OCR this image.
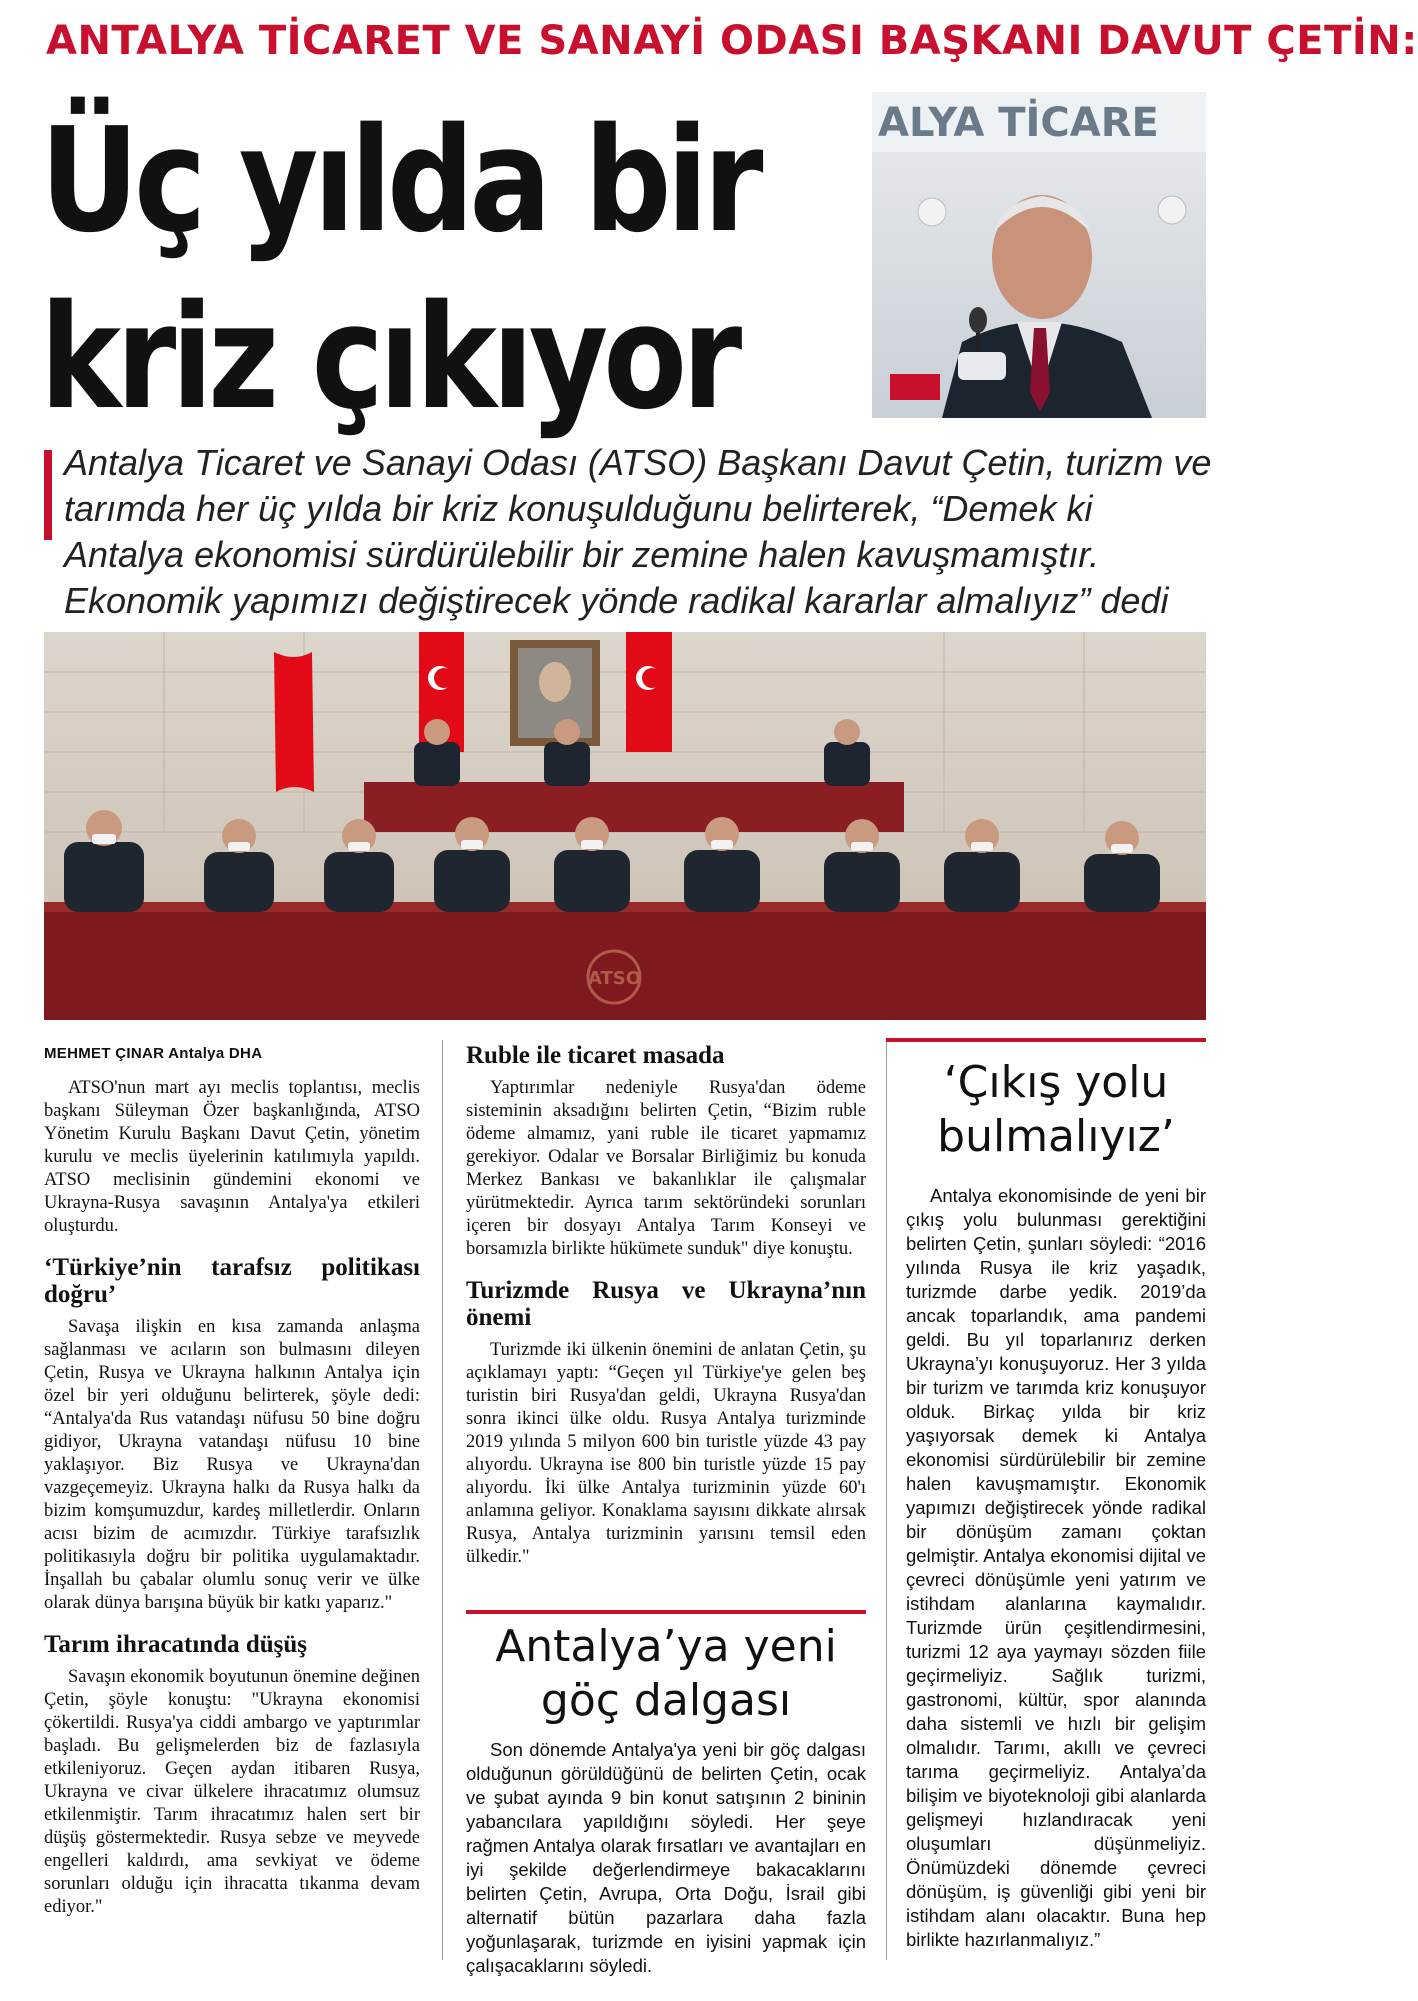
ANTALYA TİCARET VE SANAYİ ODASI BAŞKANI DAVUT ÇETİN:
Üç yılda bir
kriz çıkıyor
ALYA TİCARE
Antalya Ticaret ve Sanayi Odası (ATSO) Başkanı Davut Çetin, turizm ve tarımda her üç yılda bir kriz konuşulduğunu belirterek, “Demek ki Antalya ekonomisi sürdürülebilir bir zemine halen kavuşmamıştır. Ekonomik yapımızı değiştirecek yönde radikal kararlar almalıyız” dedi
ATSO
MEHMET ÇINAR Antalya DHA

ATSO'nun mart ayı meclis toplantısı, meclis başkanı Süleyman Özer başkanlığında, ATSO Yönetim Kurulu Başkanı Davut Çetin, yönetim kurulu ve meclis üyelerinin katılımıyla yapıldı. ATSO meclisinin gündemini ekonomi ve Ukrayna-Rusya savaşının Antalya'ya etkileri oluşturdu.

‘Türkiye’nin tarafsız politikası doğru’

Savaşa ilişkin en kısa zamanda anlaşma sağlanması ve acıların son bulmasını dileyen Çetin, Rusya ve Ukrayna halkının Antalya için özel bir yeri olduğunu belirterek, şöyle dedi: “Antalya'da Rus vatandaşı nüfusu 50 bine doğru gidiyor, Ukrayna vatandaşı nüfusu 10 bine yaklaşıyor. Biz Rusya ve Ukrayna'dan vazgeçemeyiz. Ukrayna halkı da Rusya halkı da bizim komşumuzdur, kardeş milletlerdir. Onların acısı bizim de acımızdır. Türkiye tarafsızlık politikasıyla doğru bir politika uygulamaktadır. İnşallah bu çabalar olumlu sonuç verir ve ülke olarak dünya barışına büyük bir katkı yaparız."

Tarım ihracatında düşüş

Savaşın ekonomik boyutunun önemine değinen Çetin, şöyle konuştu: "Ukrayna ekonomisi çökertildi. Rusya'ya ciddi ambargo ve yaptırımlar başladı. Bu gelişmelerden biz de fazlasıyla etkileniyoruz. Geçen aydan itibaren Rusya, Ukrayna ve civar ülkelere ihracatımız olumsuz etkilenmiştir. Tarım ihracatımız halen sert bir düşüş göstermektedir. Rusya sebze ve meyvede engelleri kaldırdı, ama sevkiyat ve ödeme sorunları olduğu için ihracatta tıkanma devam ediyor."

Ruble ile ticaret masada

Yaptırımlar nedeniyle Rusya'dan ödeme sisteminin aksadığını belirten Çetin, “Bizim ruble ödeme almamız, yani ruble ile ticaret yapmamız gerekiyor. Odalar ve Borsalar Birliğimiz bu konuda Merkez Bankası ve bakanlıklar ile çalışmalar yürütmektedir. Ayrıca tarım sektöründeki sorunları içeren bir dosyayı Antalya Tarım Konseyi ve borsamızla birlikte hükümete sunduk" diye konuştu.

Turizmde Rusya ve Ukrayna’nın önemi

Turizmde iki ülkenin önemini de anlatan Çetin, şu açıklamayı yaptı: “Geçen yıl Türkiye'ye gelen beş turistin biri Rusya'dan geldi, Ukrayna Rusya'dan sonra ikinci ülke oldu. Rusya Antalya turizminde 2019 yılında 5 milyon 600 bin turistle yüzde 43 pay alıyordu. Ukrayna ise 800 bin turistle yüzde 15 pay alıyordu. İki ülke Antalya turizminin yüzde 60'ı anlamına geliyor. Konaklama sayısını dikkate alırsak Rusya, Antalya turizminin yarısını temsil eden ülkedir."

Antalya’ya yeni göç dalgası

Son dönemde Antalya'ya yeni bir göç dalgası olduğunun görüldüğünü de belirten Çetin, ocak ve şubat ayında 9 bin konut satışının 2 bininin yabancılara yapıldığını söyledi. Her şeye rağmen Antalya olarak fırsatları ve avantajları en iyi şekilde değerlendirmeye bakacaklarını belirten Çetin, Avrupa, Orta Doğu, İsrail gibi alternatif bütün pazarlara daha fazla yoğunlaşarak, turizmde en iyisini yapmak için çalışacaklarını söyledi.

‘Çıkış yolu bulmalıyız’

Antalya ekonomisinde de yeni bir çıkış yolu bulunması gerektiğini belirten Çetin, şunları söyledi: “2016 yılında Rusya ile kriz yaşadık, turizmde darbe yedik. 2019’da ancak toparlandık, ama pandemi geldi. Bu yıl toparlanırız derken Ukrayna’yı konuşuyoruz. Her 3 yılda bir turizm ve tarımda kriz konuşuyor olduk. Birkaç yılda bir kriz yaşıyorsak demek ki Antalya ekonomisi sürdürülebilir bir zemine halen kavuşmamıştır. Ekonomik yapımızı değiştirecek yönde radikal bir dönüşüm zamanı çoktan gelmiştir. Antalya ekonomisi dijital ve çevreci dönüşümle yeni yatırım ve istihdam alanlarına kaymalıdır. Turizmde ürün çeşitlendirmesini, turizmi 12 aya yaymayı sözden fiile geçirmeliyiz. Sağlık turizmi, gastronomi, kültür, spor alanında daha sistemli ve hızlı bir gelişim olmalıdır. Tarımı, akıllı ve çevreci tarıma geçirmeliyiz. Antalya’da bilişim ve biyoteknoloji gibi alanlarda gelişmeyi hızlandıracak yeni oluşumları düşünmeliyiz. Önümüzdeki dönemde çevreci dönüşüm, iş güvenliği gibi yeni bir istihdam alanı olacaktır. Buna hep birlikte hazırlanmalıyız.”
